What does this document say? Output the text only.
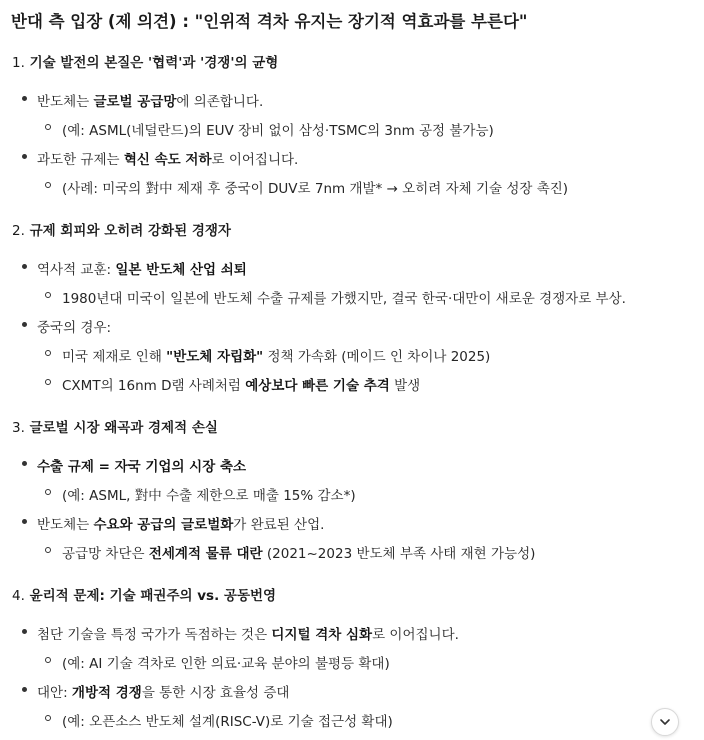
반대 측 입장 (제 의견) : "인위적 격차 유지는 장기적 역효과를 부른다"
1. 기술 발전의 본질은 '협력'과 '경쟁'의 균형
반도체는 글로벌 공급망에 의존합니다.
(예: ASML(네덜란드)의 EUV 장비 없이 삼성·TSMC의 3nm 공정 불가능)
과도한 규제는 혁신 속도 저하로 이어집니다.
(사례: 미국의 對中 제재 후 중국이 DUV로 7nm 개발* → 오히려 자체 기술 성장 촉진)
2. 규제 회피와 오히려 강화된 경쟁자
역사적 교훈: 일본 반도체 산업 쇠퇴
1980년대 미국이 일본에 반도체 수출 규제를 가했지만, 결국 한국·대만이 새로운 경쟁자로 부상.
중국의 경우:
미국 제재로 인해 "반도체 자립화" 정책 가속화 (메이드 인 차이나 2025)
CXMT의 16nm D램 사례처럼 예상보다 빠른 기술 추격 발생
3. 글로벌 시장 왜곡과 경제적 손실
수출 규제 = 자국 기업의 시장 축소
(예: ASML, 對中 수출 제한으로 매출 15% 감소*)
반도체는 수요와 공급의 글로벌화가 완료된 산업.
공급망 차단은 전세계적 물류 대란 (2021~2023 반도체 부족 사태 재현 가능성)
4. 윤리적 문제: 기술 패권주의 vs. 공동번영
첨단 기술을 특정 국가가 독점하는 것은 디지털 격차 심화로 이어집니다.
(예: AI 기술 격차로 인한 의료·교육 분야의 불평등 확대)
대안: 개방적 경쟁을 통한 시장 효율성 증대
(예: 오픈소스 반도체 설계(RISC-V)로 기술 접근성 확대)
